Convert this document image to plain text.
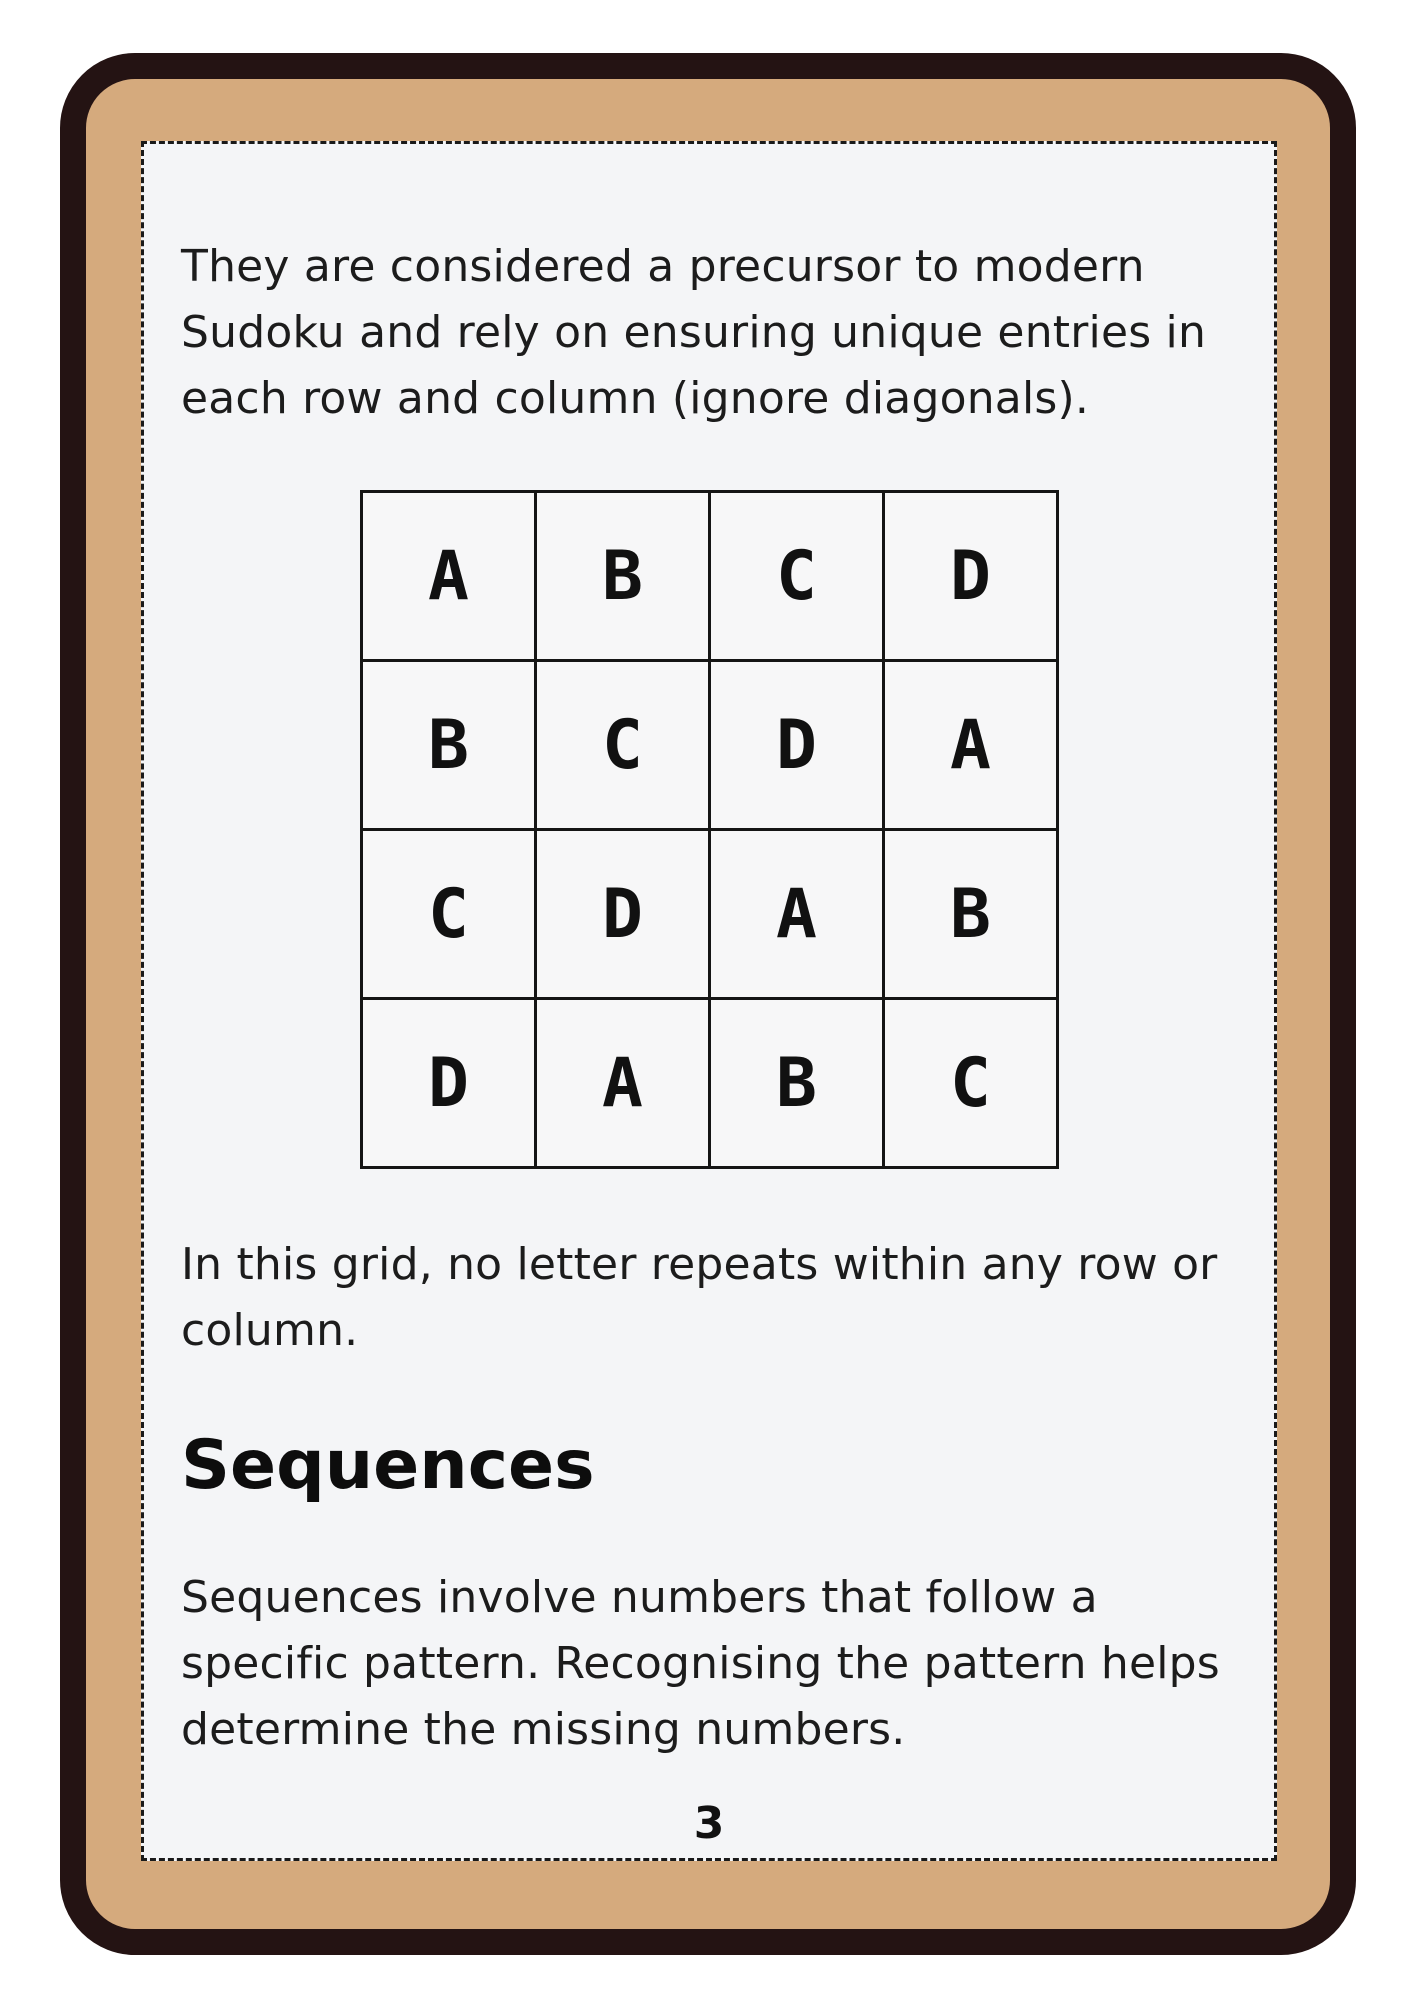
They are considered a precursor to modern Sudoku and rely on ensuring unique entries in each row and column (ignore diagonals).

A	B	C	D
B	C	D	A
C	D	A	B
D	A	B	C

In this grid, no letter repeats within any row or column.

Sequences

Sequences involve numbers that follow a specific pattern. Recognising the pattern helps determine the missing numbers.

3
